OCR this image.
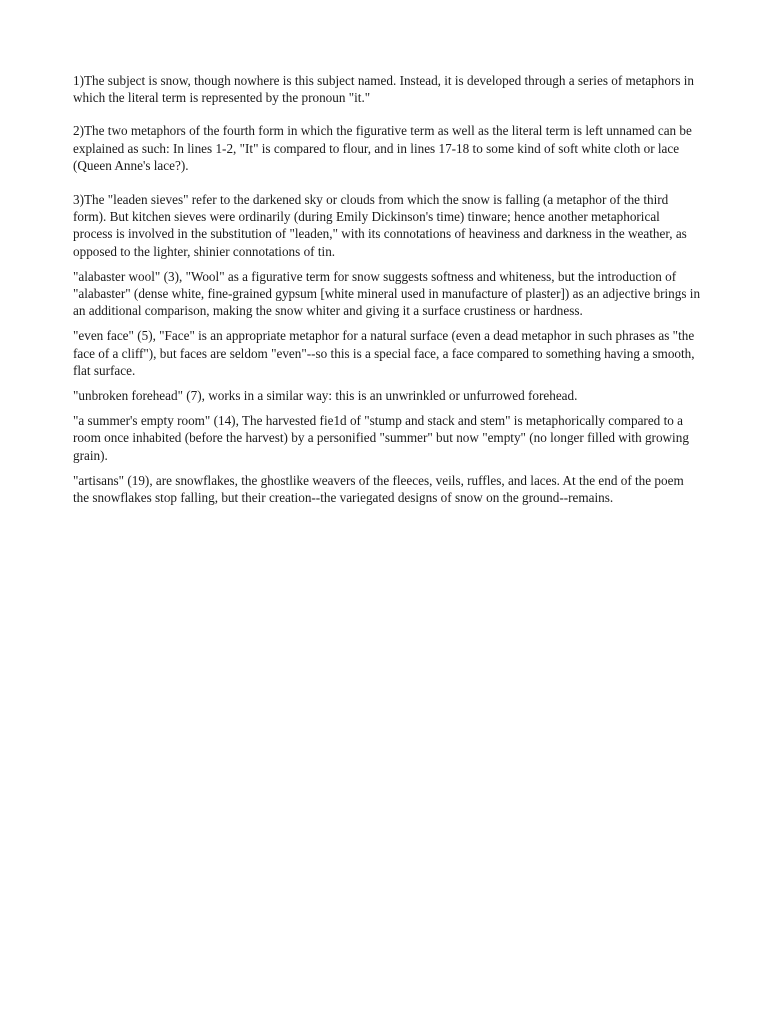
1)The subject is snow, though nowhere is this subject named. Instead, it is developed through a series of metaphors in which the literal term is represented by the pronoun "it."

2)The two metaphors of the fourth form in which the figurative term as well as the literal term is left unnamed can be explained as such: In lines 1-2, "It" is compared to flour, and in lines 17-18 to some kind of soft white cloth or lace (Queen Anne's lace?).

3)The "leaden sieves" refer to the darkened sky or clouds from which the snow is falling (a metaphor of the third form). But kitchen sieves were ordinarily (during Emily Dickinson's time) tinware; hence another metaphorical process is involved in the substitution of "leaden," with its connotations of heaviness and darkness in the weather, as opposed to the lighter, shinier connotations of tin.

"alabaster wool" (3), "Wool" as a figurative term for snow suggests softness and whiteness, but the introduction of "alabaster" (dense white, fine-grained gypsum [white mineral used in manufacture of plaster]) as an adjective brings in an additional comparison, making the snow whiter and giving it a surface crustiness or hardness.

"even face" (5), "Face" is an appropriate metaphor for a natural surface (even a dead metaphor in such phrases as "the face of a cliff"), but faces are seldom "even"--so this is a special face, a face compared to something having a smooth, flat surface.

"unbroken forehead" (7), works in a similar way: this is an unwrinkled or unfurrowed forehead.

"a summer's empty room" (14), The harvested fie1d of "stump and stack and stem" is metaphorically compared to a room once inhabited (before the harvest) by a personified "summer" but now "empty" (no longer filled with growing grain).

"artisans" (19), are snowflakes, the ghostlike weavers of the fleeces, veils, ruffles, and laces. At the end of the poem the snowflakes stop falling, but their creation--the variegated designs of snow on the ground--remains.
